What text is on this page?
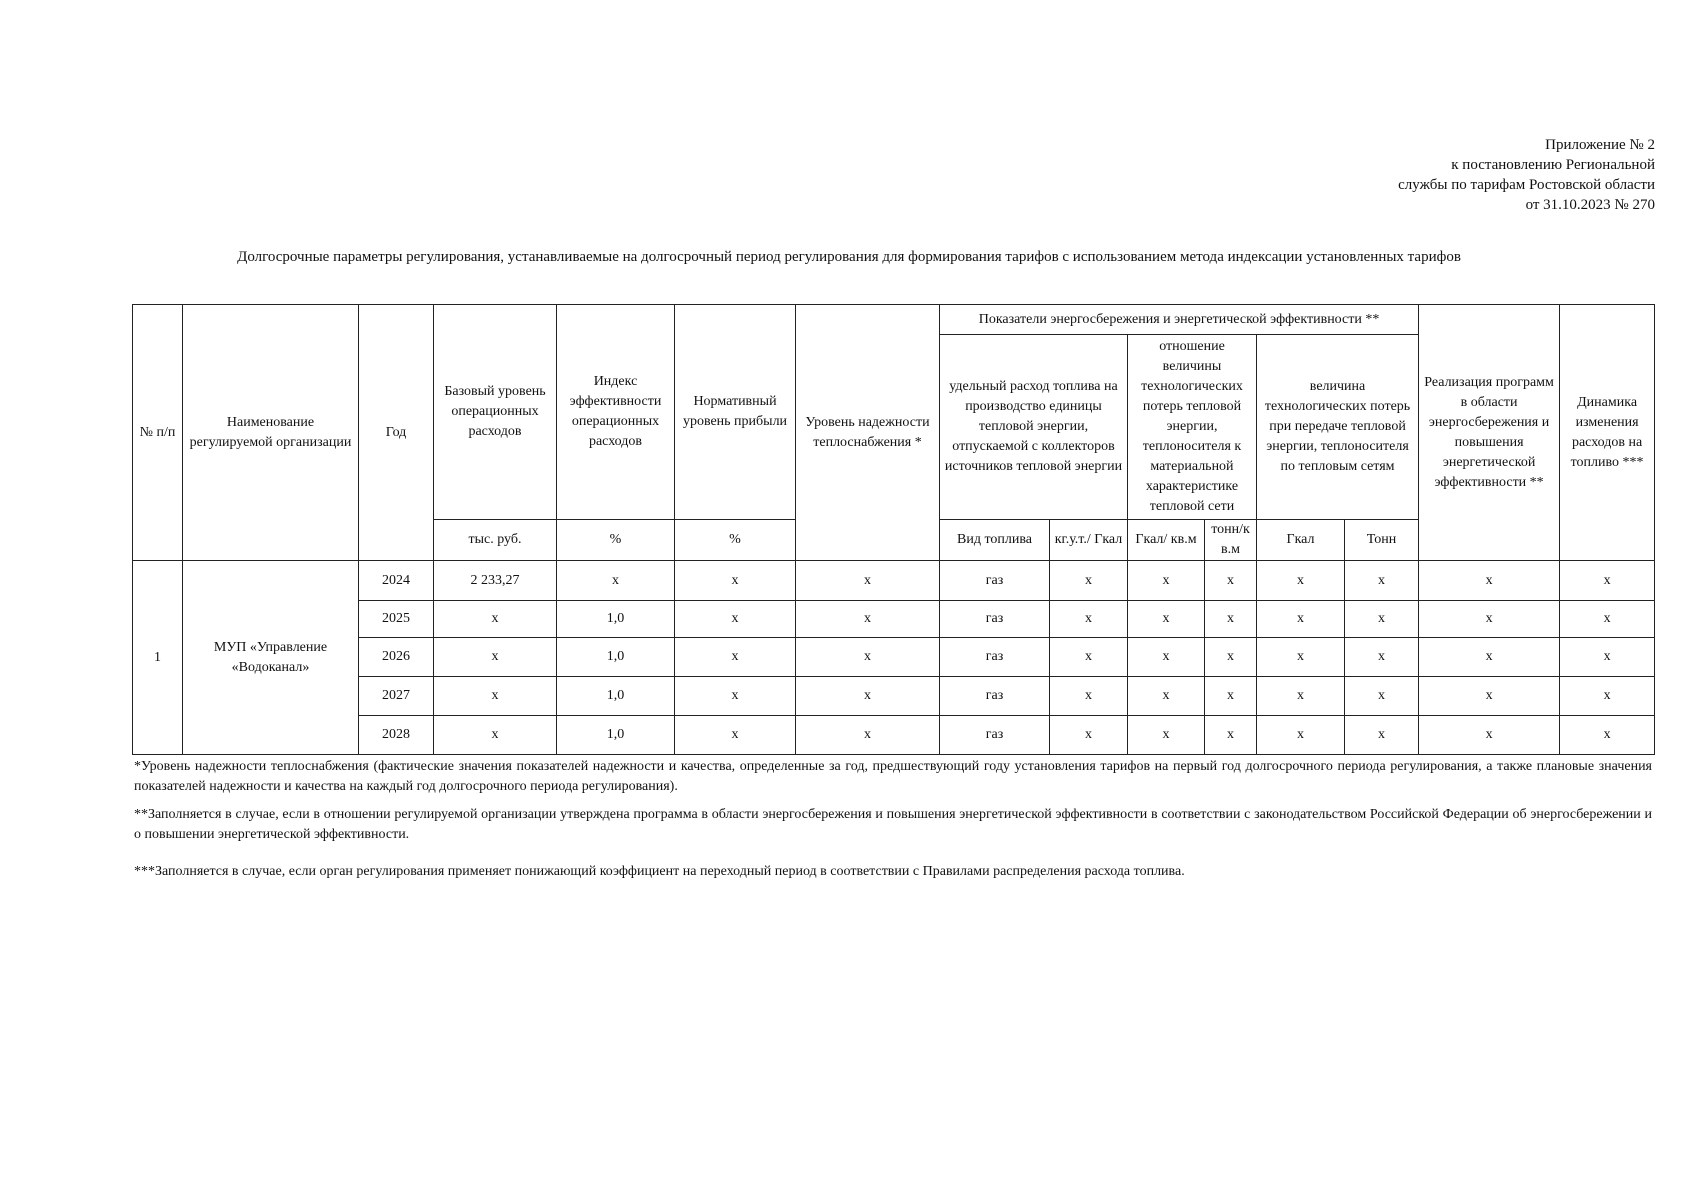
Приложение № 2
к постановлению Региональной
службы по тарифам Ростовской области
от 31.10.2023 № 270
Долгосрочные параметры регулирования, устанавливаемые на долгосрочный период регулирования для формирования тарифов с использованием метода индексации установленных тарифов
№ п/п	Наименование регулируемой организации	Год	Базовый уровень операционных расходов	Индекс эффективности операционных расходов	Нормативный уровень прибыли	Уровень надежности теплоснабжения *	Показатели энергосбережения и энергетической эффективности **						Реализация программ в области энергосбережения и повышения энергетической эффективности **	Динамика изменения расходов на топливо ***
							удельный расход топлива на производство единицы тепловой энергии, отпускаемой с коллекторов источников тепловой энергии		отношение величины технологических потерь тепловой энергии, теплоносителя к материальной характеристике тепловой сети		величина технологических потерь при передаче тепловой энергии, теплоносителя по тепловым сетям			
			тыс. руб.	%	%		Вид топлива	кг.у.т./ Гкал	Гкал/ кв.м	тонн/к в.м	Гкал	Тонн		
1	МУП «Управление «Водоканал»	2024	2 233,27	х	х	х	газ	х	х	х	х	х	х	х
		2025	х	1,0	х	х	газ	х	х	х	х	х	х	х
		2026	х	1,0	х	х	газ	х	х	х	х	х	х	х
		2027	х	1,0	х	х	газ	х	х	х	х	х	х	х
		2028	х	1,0	х	х	газ	х	х	х	х	х	х	х
*Уровень надежности теплоснабжения (фактические значения показателей надежности и качества, определенные за год, предшествующий году установления тарифов на первый год долгосрочного периода регулирования, а также плановые значения показателей надежности и качества на каждый год долгосрочного периода регулирования).
**Заполняется в случае, если в отношении регулируемой организации утверждена программа в области энергосбережения и повышения энергетической эффективности в соответствии с законодательством Российской Федерации об энергосбережении и о повышении энергетической эффективности.
***Заполняется в случае, если орган регулирования применяет понижающий коэффициент на переходный период в соответствии с Правилами распределения расхода топлива.
